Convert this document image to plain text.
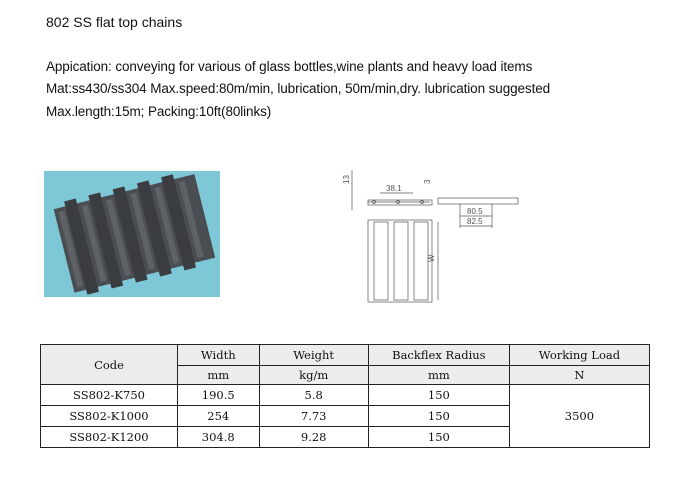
802 SS flat top chains
Appication: conveying for various of glass bottles,wine plants and heavy load items
Mat:ss430/ss304 Max.speed:80m/min, lubrication, 50m/min,dry. lubrication suggested
Max.length:15m; Packing:10ft(80links)
38.1
13	3
80.5
82.5
W
Code	Width	Weight	Backflex Radius	Working Load
	mm	kg/m	mm	N
SS802-K750	190.5	5.8	150	3500
SS802-K1000	254	7.73	150	
SS802-K1200	304.8	9.28	150	
